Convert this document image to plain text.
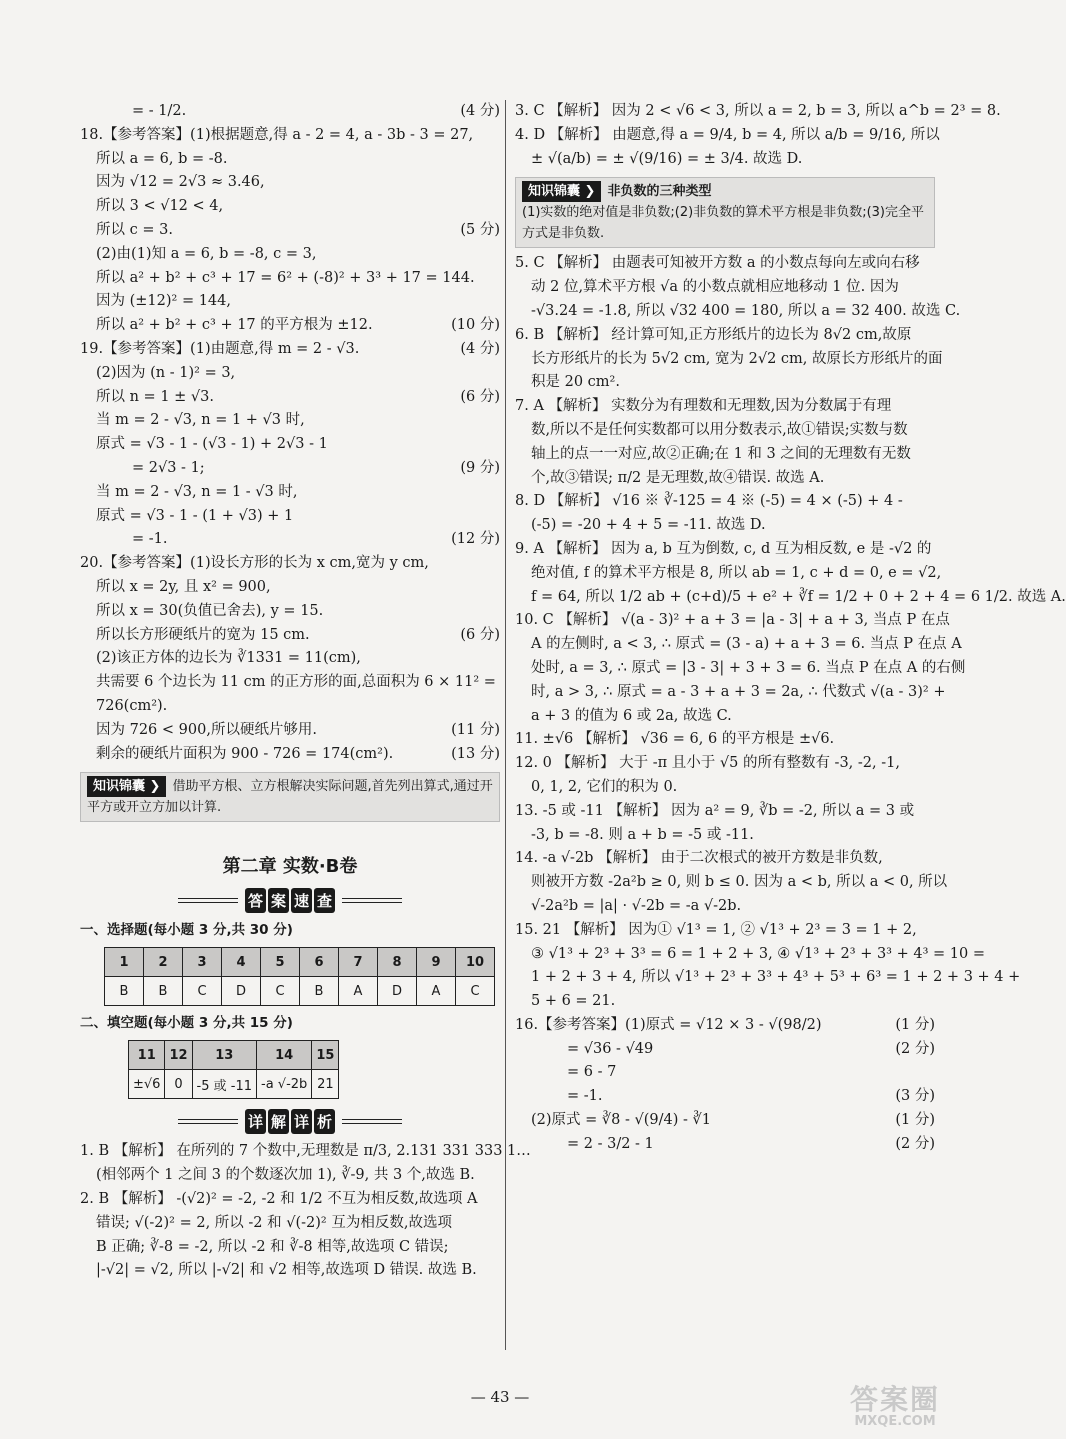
= - 1/2.	(4 分)
18.【参考答案】(1)根据题意,得 a - 2 = 4, a - 3b - 3 = 27,
所以 a = 6, b = -8.
因为 √12 = 2√3 ≈ 3.46,
所以 3 < √12 < 4,
所以 c = 3.	(5 分)
(2)由(1)知 a = 6, b = -8, c = 3,
所以 a² + b² + c³ + 17 = 6² + (-8)² + 3³ + 17 = 144.
因为 (±12)² = 144,
所以 a² + b² + c³ + 17 的平方根为 ±12.	(10 分)
19.【参考答案】(1)由题意,得 m = 2 - √3.	(4 分)
(2)因为 (n - 1)² = 3,
所以 n = 1 ± √3.	(6 分)
当 m = 2 - √3, n = 1 + √3 时,
原式 = √3 - 1 - (√3 - 1) + 2√3 - 1
= 2√3 - 1;	(9 分)
当 m = 2 - √3, n = 1 - √3 时,
原式 = √3 - 1 - (1 + √3) + 1
= -1.	(12 分)
20.【参考答案】(1)设长方形的长为 x cm,宽为 y cm,
所以 x = 2y, 且 x² = 900,
所以 x = 30(负值已舍去), y = 15.
所以长方形硬纸片的宽为 15 cm.	(6 分)
(2)该正方体的边长为 ∛1331 = 11(cm),
共需要 6 个边长为 11 cm 的正方形的面,总面积为 6 × 11² =
726(cm²).
因为 726 < 900,所以硬纸片够用.	(11 分)
剩余的硬纸片面积为 900 - 726 = 174(cm²).	(13 分)
知识锦囊 ❯ 借助平方根、立方根解决实际问题,首先列出算式,通过开平方或开立方加以计算.
第二章 实数·B卷
答 案 速 查
一、选择题(每小题 3 分,共 30 分)
1	2	3	4	5	6	7	8	9	10
B	B	C	D	C	B	A	D	A	C
二、填空题(每小题 3 分,共 15 分)
11	12	13	14	15
±√6	0	-5 或 -11	-a √-2b	21
详 解 详 析
1. B 【解析】 在所列的 7 个数中,无理数是 π/3, 2.131 331 333 1…
(相邻两个 1 之间 3 的个数逐次加 1), ∛-9, 共 3 个,故选 B.
2. B 【解析】 -(√2)² = -2, -2 和 1/2 不互为相反数,故选项 A
错误; √(-2)² = 2, 所以 -2 和 √(-2)² 互为相反数,故选项
B 正确; ∛-8 = -2, 所以 -2 和 ∛-8 相等,故选项 C 错误;
|-√2| = √2, 所以 |-√2| 和 √2 相等,故选项 D 错误. 故选 B.
3. C 【解析】 因为 2 < √6 < 3, 所以 a = 2, b = 3, 所以 a^b = 2³ = 8.
4. D 【解析】 由题意,得 a = 9/4, b = 4, 所以 a/b = 9/16, 所以
± √(a/b) = ± √(9/16) = ± 3/4. 故选 D.
知识锦囊 ❯ 非负数的三种类型
(1)实数的绝对值是非负数;(2)非负数的算术平方根是非负数;(3)完全平方式是非负数.
5. C 【解析】 由题表可知被开方数 a 的小数点每向左或向右移
动 2 位,算术平方根 √a 的小数点就相应地移动 1 位. 因为
-√3.24 = -1.8, 所以 √32 400 = 180, 所以 a = 32 400. 故选 C.
6. B 【解析】 经计算可知,正方形纸片的边长为 8√2 cm,故原
长方形纸片的长为 5√2 cm, 宽为 2√2 cm, 故原长方形纸片的面
积是 20 cm².
7. A 【解析】 实数分为有理数和无理数,因为分数属于有理
数,所以不是任何实数都可以用分数表示,故①错误;实数与数
轴上的点一一对应,故②正确;在 1 和 3 之间的无理数有无数
个,故③错误; π/2 是无理数,故④错误. 故选 A.
8. D 【解析】 √16 ※ ∛-125 = 4 ※ (-5) = 4 × (-5) + 4 -
(-5) = -20 + 4 + 5 = -11. 故选 D.
9. A 【解析】 因为 a, b 互为倒数, c, d 互为相反数, e 是 -√2 的
绝对值, f 的算术平方根是 8, 所以 ab = 1, c + d = 0, e = √2,
f = 64, 所以 1/2 ab + (c+d)/5 + e² + ∛f = 1/2 + 0 + 2 + 4 = 6 1/2. 故选 A.
10. C 【解析】 √(a - 3)² + a + 3 = |a - 3| + a + 3, 当点 P 在点
A 的左侧时, a < 3, ∴ 原式 = (3 - a) + a + 3 = 6. 当点 P 在点 A
处时, a = 3, ∴ 原式 = |3 - 3| + 3 + 3 = 6. 当点 P 在点 A 的右侧
时, a > 3, ∴ 原式 = a - 3 + a + 3 = 2a, ∴ 代数式 √(a - 3)² +
a + 3 的值为 6 或 2a, 故选 C.
11. ±√6 【解析】 √36 = 6, 6 的平方根是 ±√6.
12. 0 【解析】 大于 -π 且小于 √5 的所有整数有 -3, -2, -1,
0, 1, 2, 它们的积为 0.
13. -5 或 -11 【解析】 因为 a² = 9, ∛b = -2, 所以 a = 3 或
-3, b = -8. 则 a + b = -5 或 -11.
14. -a √-2b 【解析】 由于二次根式的被开方数是非负数,
则被开方数 -2a²b ≥ 0, 则 b ≤ 0. 因为 a < b, 所以 a < 0, 所以
√-2a²b = |a| · √-2b = -a √-2b.
15. 21 【解析】 因为① √1³ = 1, ② √1³ + 2³ = 3 = 1 + 2,
③ √1³ + 2³ + 3³ = 6 = 1 + 2 + 3, ④ √1³ + 2³ + 3³ + 4³ = 10 =
1 + 2 + 3 + 4, 所以 √1³ + 2³ + 3³ + 4³ + 5³ + 6³ = 1 + 2 + 3 + 4 +
5 + 6 = 21.
16.【参考答案】(1)原式 = √12 × 3 - √(98/2)	(1 分)
= √36 - √49	(2 分)
= 6 - 7
= -1.	(3 分)
(2)原式 = ∛8 - √(9/4) - ∛1	(1 分)
= 2 - 3/2 - 1	(2 分)
— 43 —	答案圈
MXQE.COM
